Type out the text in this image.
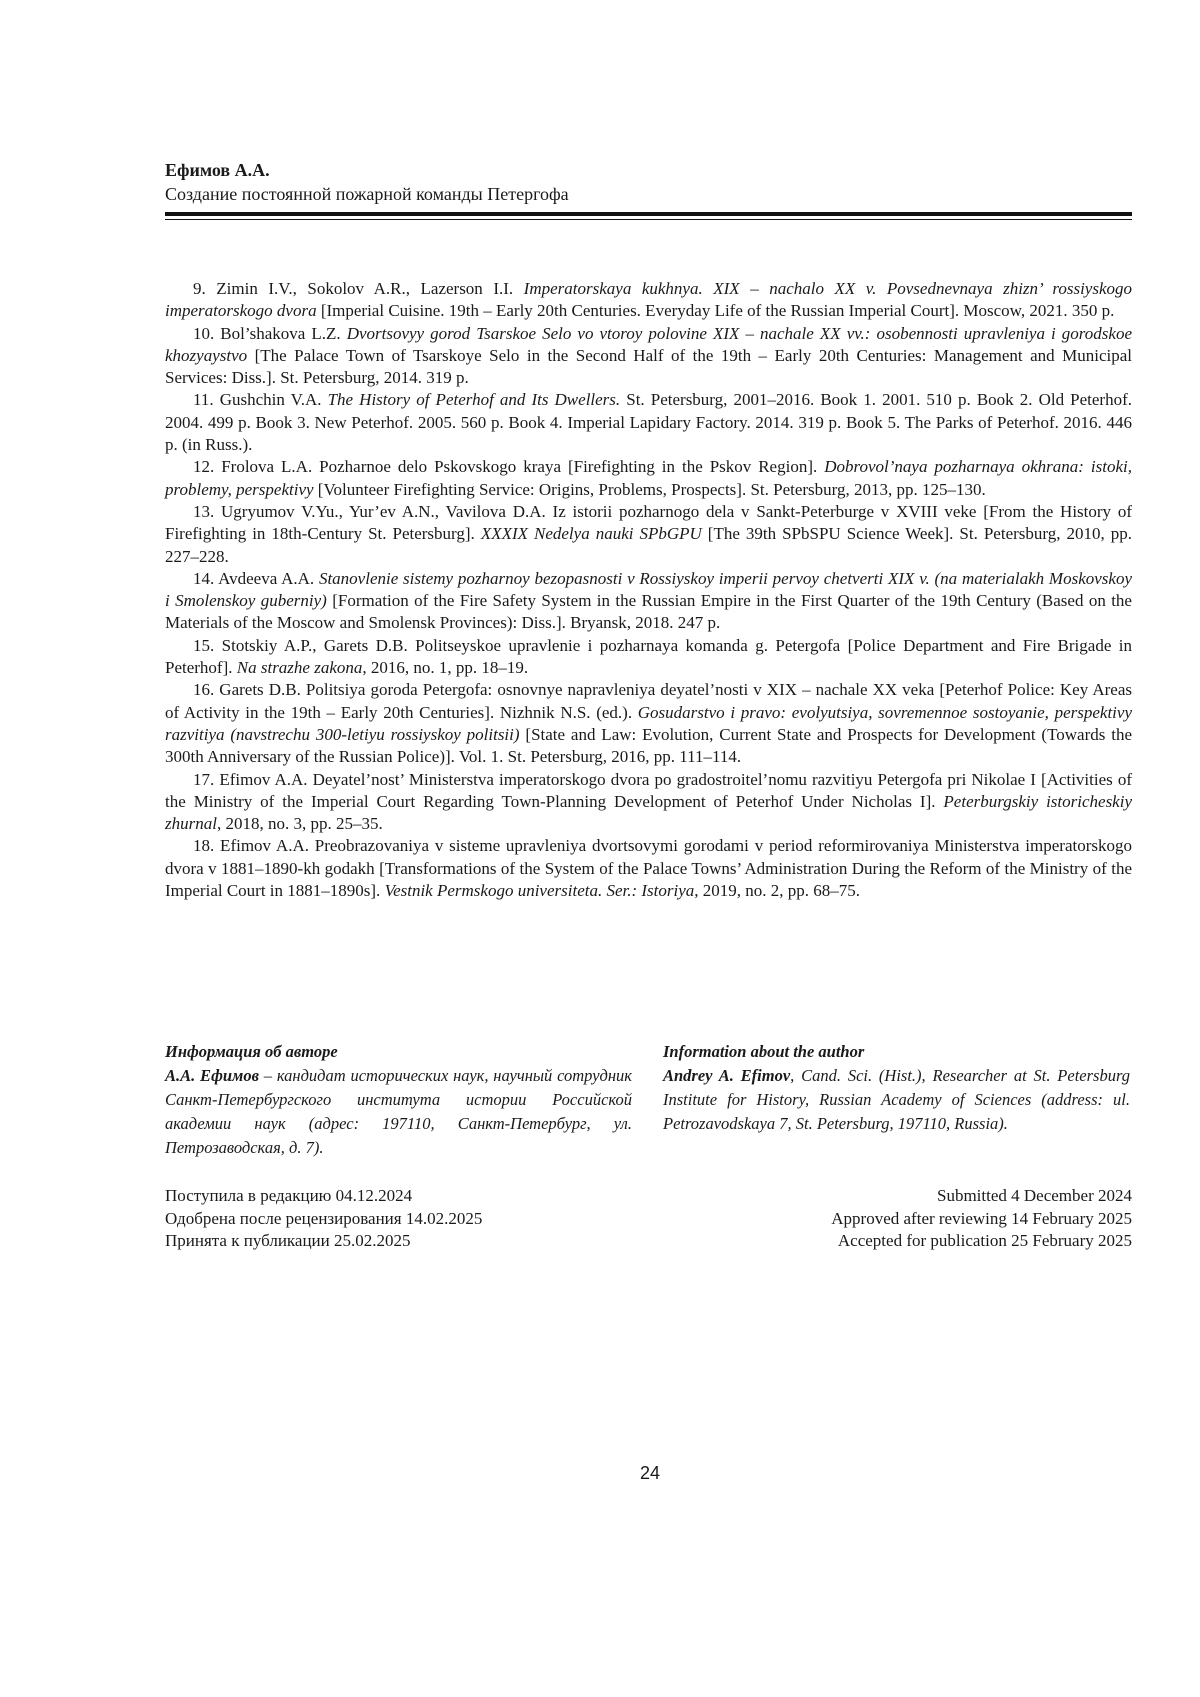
Ефимов А.А.
Создание постоянной пожарной команды Петергофа

9. Zimin I.V., Sokolov A.R., Lazerson I.I. Imperatorskaya kukhnya. XIX – nachalo XX v. Povsednevnaya zhizn’ rossiyskogo imperatorskogo dvora [Imperial Cuisine. 19th – Early 20th Centuries. Everyday Life of the Russian Imperial Court]. Moscow, 2021. 350 p.

10. Bol’shakova L.Z. Dvortsovyy gorod Tsarskoe Selo vo vtoroy polovine XIX – nachale XX vv.: osobennosti upravleniya i gorodskoe khozyaystvo [The Palace Town of Tsarskoye Selo in the Second Half of the 19th – Early 20th Centuries: Management and Municipal Services: Diss.]. St. Petersburg, 2014. 319 p.

11. Gushchin V.A. The History of Peterhof and Its Dwellers. St. Petersburg, 2001–2016. Book 1. 2001. 510 p. Book 2. Old Peterhof. 2004. 499 p. Book 3. New Peterhof. 2005. 560 p. Book 4. Imperial Lapidary Factory. 2014. 319 p. Book 5. The Parks of Peterhof. 2016. 446 p. (in Russ.).

12. Frolova L.A. Pozharnoe delo Pskovskogo kraya [Firefighting in the Pskov Region]. Dobrovol’naya pozharnaya okhrana: istoki, problemy, perspektivy [Volunteer Firefighting Service: Origins, Problems, Prospects]. St. Petersburg, 2013, pp. 125–130.

13. Ugryumov V.Yu., Yur’ev A.N., Vavilova D.A. Iz istorii pozharnogo dela v Sankt-Peterburge v XVIII veke [From the History of Firefighting in 18th-Century St. Petersburg]. XXXIX Nedelya nauki SPbGPU [The 39th SPbSPU Science Week]. St. Petersburg, 2010, pp. 227–228.

14. Avdeeva A.A. Stanovlenie sistemy pozharnoy bezopasnosti v Rossiyskoy imperii pervoy chetverti XIX v. (na materialakh Moskovskoy i Smolenskoy guberniy) [Formation of the Fire Safety System in the Russian Empire in the First Quarter of the 19th Century (Based on the Materials of the Moscow and Smolensk Provinces): Diss.]. Bryansk, 2018. 247 p.

15. Stotskiy A.P., Garets D.B. Politseyskoe upravlenie i pozharnaya komanda g. Petergofa [Police Department and Fire Brigade in Peterhof]. Na strazhe zakona, 2016, no. 1, pp. 18–19.

16. Garets D.B. Politsiya goroda Petergofa: osnovnye napravleniya deyatel’nosti v XIX – nachale XX veka [Peterhof Police: Key Areas of Activity in the 19th – Early 20th Centuries]. Nizhnik N.S. (ed.). Gosudarstvo i pravo: evolyutsiya, sovremennoe sostoyanie, perspektivy razvitiya (navstrechu 300-letiyu rossiyskoy politsii) [State and Law: Evolution, Current State and Prospects for Development (Towards the 300th Anniversary of the Russian Police)]. Vol. 1. St. Petersburg, 2016, pp. 111–114.

17. Efimov A.A. Deyatel’nost’ Ministerstva imperatorskogo dvora po gradostroitel’nomu razvitiyu Petergofa pri Nikolae I [Activities of the Ministry of the Imperial Court Regarding Town-Planning Development of Peterhof Under Nicholas I]. Peterburgskiy istoricheskiy zhurnal, 2018, no. 3, pp. 25–35.

18. Efimov A.A. Preobrazovaniya v sisteme upravleniya dvortsovymi gorodami v period reformirovaniya Ministerstva imperatorskogo dvora v 1881–1890-kh godakh [Transformations of the System of the Palace Towns’ Administration During the Reform of the Ministry of the Imperial Court in 1881–1890s]. Vestnik Permskogo universiteta. Ser.: Istoriya, 2019, no. 2, pp. 68–75.

Информация об авторе
А.А. Ефимов – кандидат исторических наук, научный сотрудник Санкт-Петербургского института истории Российской академии наук (адрес: 197110, Санкт-Петербург, ул. Петрозаводская, д. 7).
Information about the author
Andrey A. Efimov, Cand. Sci. (Hist.), Researcher at St. Petersburg Institute for History, Russian Academy of Sciences (address: ul. Petrozavodskaya 7, St. Petersburg, 197110, Russia).
Поступила в редакцию 04.12.2024
Одобрена после рецензирования 14.02.2025
Принята к публикации 25.02.2025
Submitted 4 December 2024
Approved after reviewing 14 February 2025
Accepted for publication 25 February 2025
24
